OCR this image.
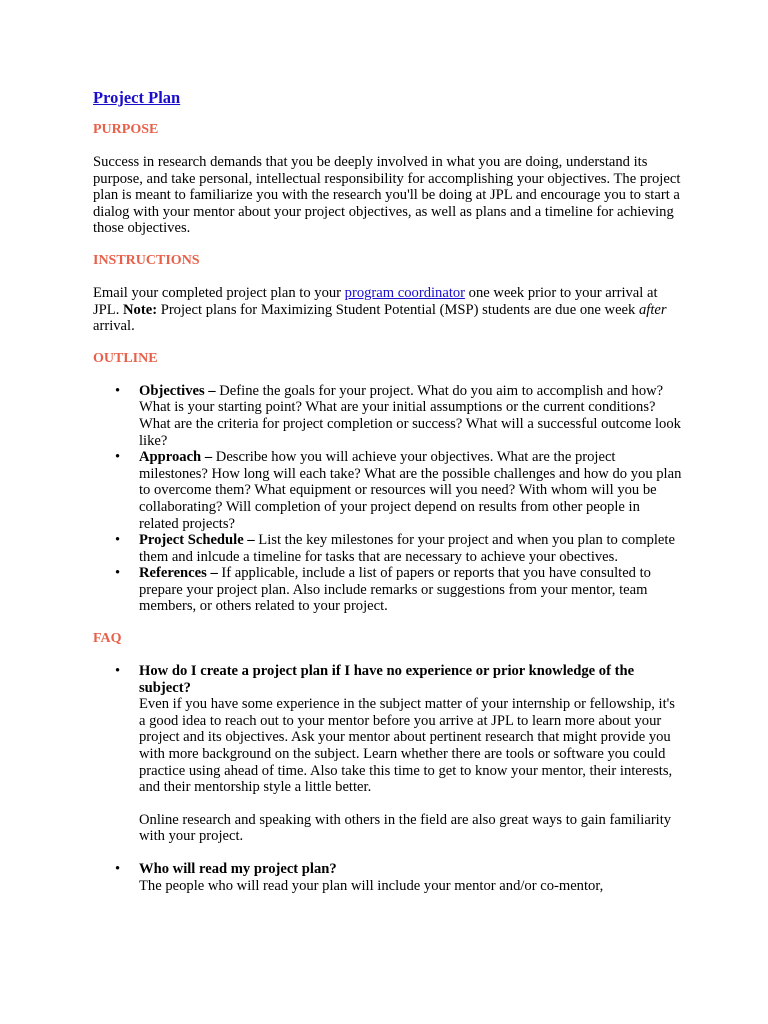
Project Plan
PURPOSE

Success in research demands that you be deeply involved in what you are doing, understand its purpose, and take personal, intellectual responsibility for accomplishing your objectives. The project plan is meant to familiarize you with the research you'll be doing at JPL and encourage you to start a dialog with your mentor about your project objectives, as well as plans and a timeline for achieving those objectives.

INSTRUCTIONS

Email your completed project plan to your program coordinator one week prior to your arrival at JPL. Note: Project plans for Maximizing Student Potential (MSP) students are due one week after arrival.

OUTLINE
• Objectives – Define the goals for your project. What do you aim to accomplish and how? What is your starting point? What are your initial assumptions or the current conditions? What are the criteria for project completion or success? What will a successful outcome look like?
• Approach – Describe how you will achieve your objectives. What are the project milestones? How long will each take? What are the possible challenges and how do you plan to overcome them? What equipment or resources will you need? With whom will you be collaborating? Will completion of your project depend on results from other people in related projects?
• Project Schedule – List the key milestones for your project and when you plan to complete them and inlcude a timeline for tasks that are necessary to achieve your obectives.
• References – If applicable, include a list of papers or reports that you have consulted to prepare your project plan. Also include remarks or suggestions from your mentor, team members, or others related to your project.
FAQ
• How do I create a project plan if I have no experience or prior knowledge of the subject?

Even if you have some experience in the subject matter of your internship or fellowship, it's a good idea to reach out to your mentor before you arrive at JPL to learn more about your project and its objectives. Ask your mentor about pertinent research that might provide you with more background on the subject. Learn whether there are tools or software you could practice using ahead of time. Also take this time to get to know your mentor, their interests, and their mentorship style a little better.

Online research and speaking with others in the field are also great ways to gain familiarity with your project.

• Who will read my project plan?

The people who will read your plan will include your mentor and/or co-mentor,
